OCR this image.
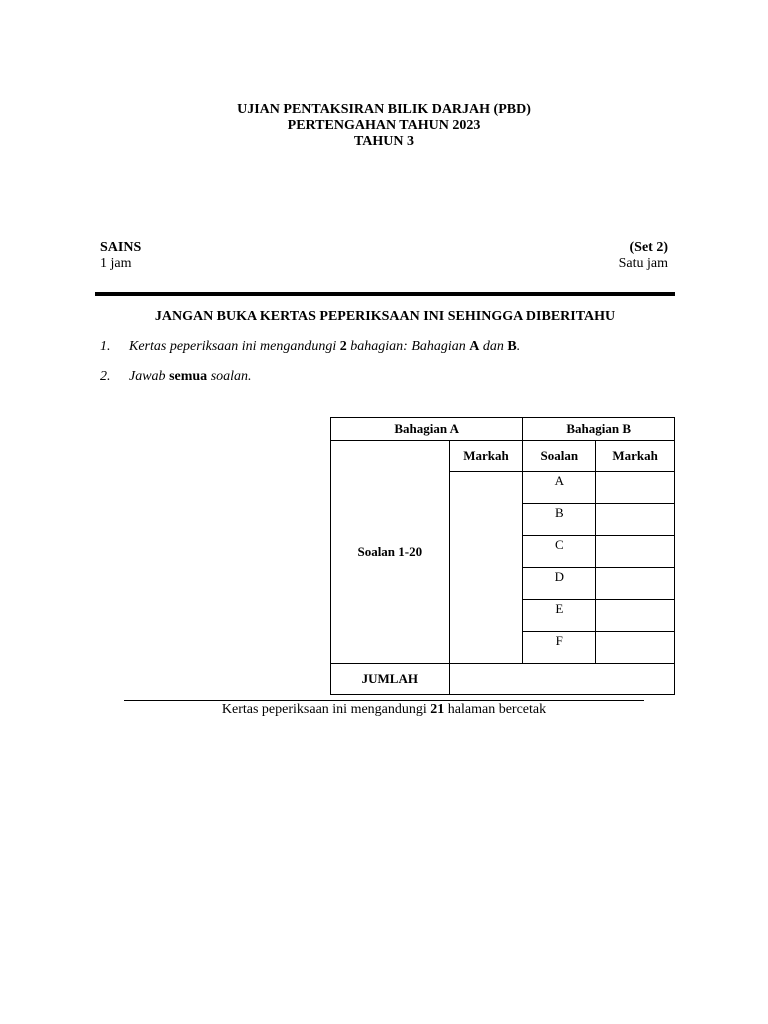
UJIAN PENTAKSIRAN BILIK DARJAH (PBD)
PERTENGAHAN TAHUN 2023
TAHUN 3
SAINS	(Set 2)
1 jam	Satu jam
JANGAN BUKA KERTAS PEPERIKSAAN INI SEHINGGA DIBERITAHU
1. Kertas peperiksaan ini mengandungi 2 bahagian: Bahagian A dan B.
2. Jawab semua soalan.
Bahagian A		Bahagian B	
Soalan 1-20	Markah	Soalan	Markah
		A	
		B	
		C	
		D	
		E	
		F	
JUMLAH			
Kertas peperiksaan ini mengandungi 21 halaman bercetak
